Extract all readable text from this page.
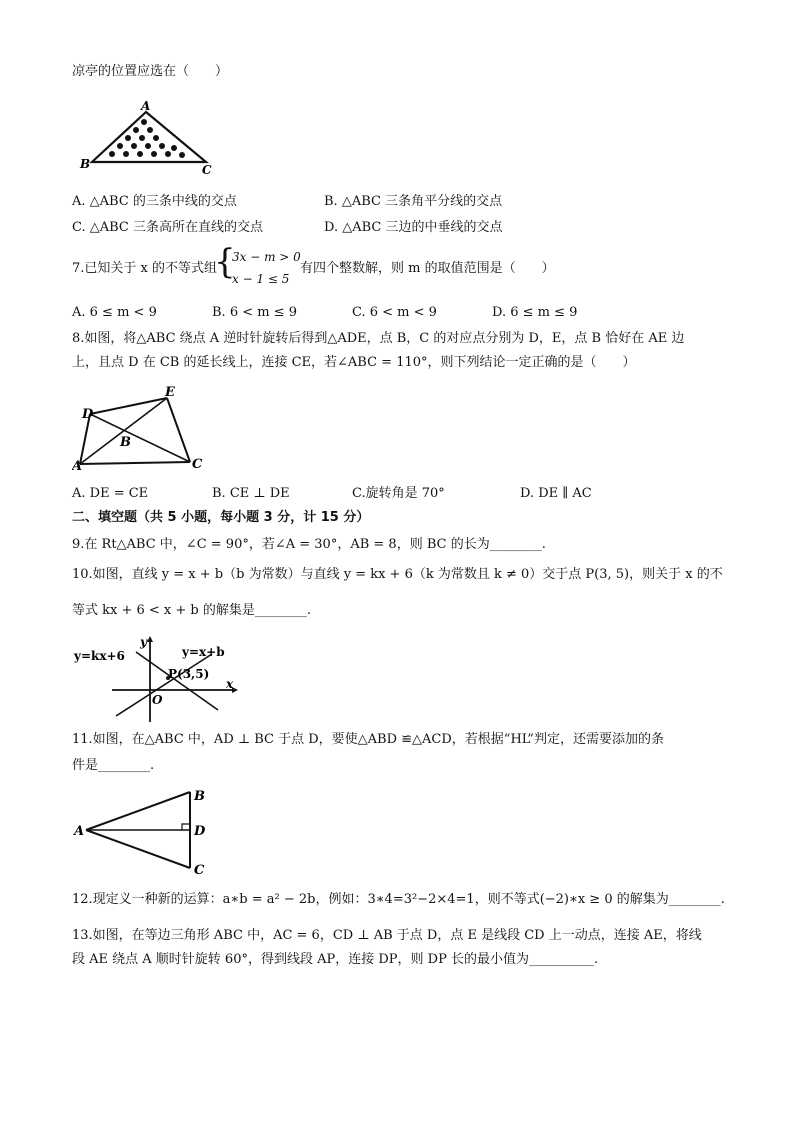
凉亭的位置应选在（　　）
A
B	C
A. △ABC 的三条中线的交点	B. △ABC 三条角平分线的交点
C. △ABC 三条高所在直线的交点	D. △ABC 三边的中垂线的交点
7.已知关于 x 的不等式组
{
3x − m > 0
x − 1 ≤ 5
有四个整数解，则 m 的取值范围是（　　）
A. 6 ≤ m < 9	B. 6 < m ≤ 9	C. 6 < m < 9	D. 6 ≤ m ≤ 9
8.如图，将△ABC 绕点 A 逆时针旋转后得到△ADE，点 B，C 的对应点分别为 D，E，点 B 恰好在 AE 边
上，且点 D 在 CB 的延长线上，连接 CE，若∠ABC = 110°，则下列结论一定正确的是（　　）
D
E
B
A	C
A. DE = CE	B. CE ⊥ DE	C.旋转角是 70°	D. DE ∥ AC
二、填空题（共 5 小题，每小题 3 分，计 15 分）
9.在 Rt△ABC 中，∠C = 90°，若∠A = 30°，AB = 8，则 BC 的长为________.
10.如图，直线 y = x + b（b 为常数）与直线 y = kx + 6（k 为常数且 k ≠ 0）交于点 P(3, 5)，则关于 x 的不
等式 kx + 6 < x + b 的解集是________.
y=kx+6	y=x+b
P(3,5)
x
y
O
11.如图，在△ABC 中，AD ⊥ BC 于点 D，要使△ABD ≌△ACD，若根据“HL”判定，还需要添加的条
件是________.
A
B
D
C
12.现定义一种新的运算：a∗b = a² − 2b，例如：3∗4=3²−2×4=1，则不等式(−2)∗x ≥ 0 的解集为________.
13.如图，在等边三角形 ABC 中，AC = 6，CD ⊥ AB 于点 D，点 E 是线段 CD 上一动点，连接 AE，将线
段 AE 绕点 A 顺时针旋转 60°，得到线段 AP，连接 DP，则 DP 长的最小值为__________.
